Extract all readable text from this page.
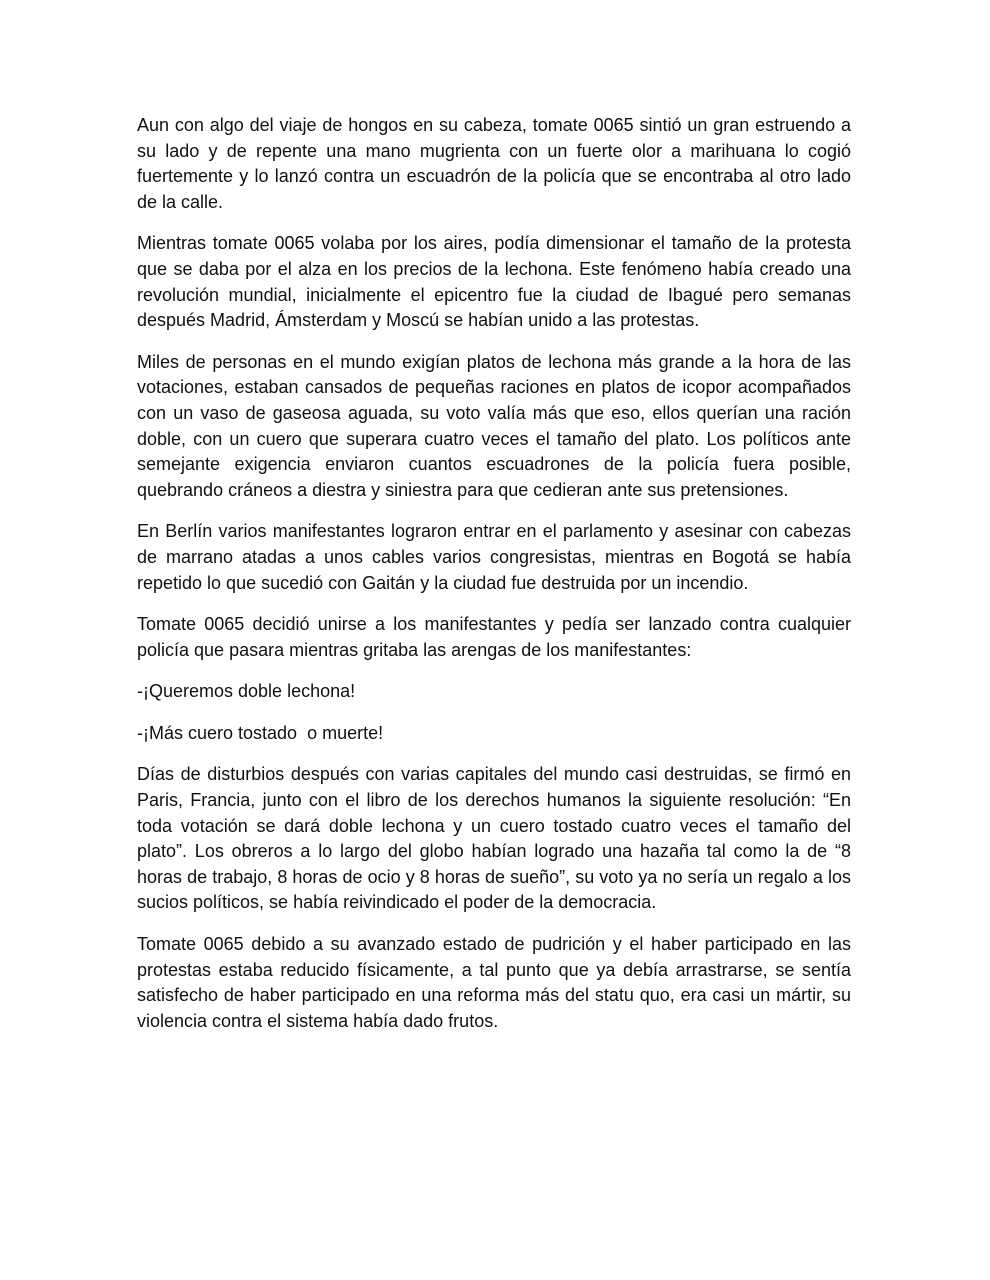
Aun con algo del viaje de hongos en su cabeza, tomate 0065 sintió un gran estruendo a su lado y de repente una mano mugrienta con un fuerte olor a marihuana lo cogió fuertemente y lo lanzó contra un escuadrón de la policía que se encontraba al otro lado de la calle.

Mientras tomate 0065 volaba por los aires, podía dimensionar el tamaño de la protesta que se daba por el alza en los precios de la lechona. Este fenómeno había creado una revolución mundial, inicialmente el epicentro fue la ciudad de Ibagué pero semanas después Madrid, Ámsterdam y Moscú se habían unido a las protestas.

Miles de personas en el mundo exigían platos de lechona más grande a la hora de las votaciones, estaban cansados de pequeñas raciones en platos de icopor acompañados con un vaso de gaseosa aguada, su voto valía más que eso, ellos querían una ración doble, con un cuero que superara cuatro veces el tamaño del plato. Los políticos ante semejante exigencia enviaron cuantos escuadrones de la policía fuera posible, quebrando cráneos a diestra y siniestra para que cedieran ante sus pretensiones.

En Berlín varios manifestantes lograron entrar en el parlamento y asesinar con cabezas de marrano atadas a unos cables varios congresistas, mientras en Bogotá se había repetido lo que sucedió con Gaitán y la ciudad fue destruida por un incendio.

Tomate 0065 decidió unirse a los manifestantes y pedía ser lanzado contra cualquier policía que pasara mientras gritaba las arengas de los manifestantes:

-¡Queremos doble lechona!

-¡Más cuero tostado  o muerte!

Días de disturbios después con varias capitales del mundo casi destruidas, se firmó en Paris, Francia, junto con el libro de los derechos humanos la siguiente resolución: “En toda votación se dará doble lechona y un cuero tostado cuatro veces el tamaño del plato”. Los obreros a lo largo del globo habían logrado una hazaña tal como la de “8 horas de trabajo, 8 horas de ocio y 8 horas de sueño”, su voto ya no sería un regalo a los sucios políticos, se había reivindicado el poder de la democracia.

Tomate 0065 debido a su avanzado estado de pudrición y el haber participado en las protestas estaba reducido físicamente, a tal punto que ya debía arrastrarse, se sentía satisfecho de haber participado en una reforma más del statu quo, era casi un mártir, su violencia contra el sistema había dado frutos.
